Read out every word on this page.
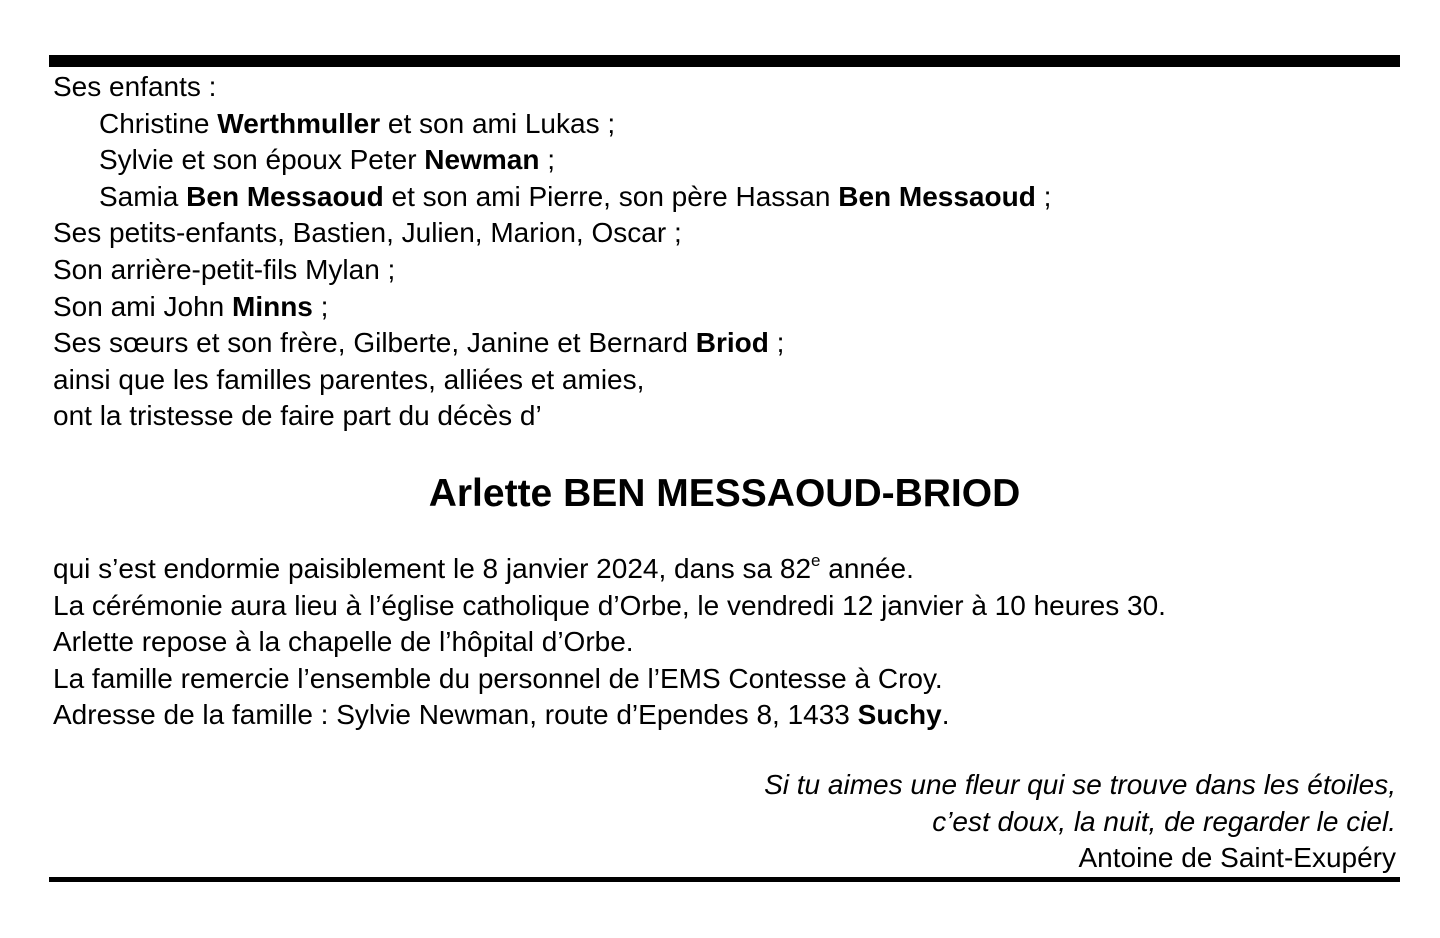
Ses enfants :
Christine Werthmuller et son ami Lukas ;
Sylvie et son époux Peter Newman ;
Samia Ben Messaoud et son ami Pierre, son père Hassan Ben Messaoud ;
Ses petits-enfants, Bastien, Julien, Marion, Oscar ;
Son arrière-petit-fils Mylan ;
Son ami John Minns ;
Ses sœurs et son frère, Gilberte, Janine et Bernard Briod ;
ainsi que les familles parentes, alliées et amies,
ont la tristesse de faire part du décès d’
Arlette BEN MESSAOUD-BRIOD
qui s’est endormie paisiblement le 8 janvier 2024, dans sa 82e année.
La cérémonie aura lieu à l’église catholique d’Orbe, le vendredi 12 janvier à 10 heures 30.
Arlette repose à la chapelle de l’hôpital d’Orbe.
La famille remercie l’ensemble du personnel de l’EMS Contesse à Croy.
Adresse de la famille : Sylvie Newman, route d’Ependes 8, 1433 Suchy.
Si tu aimes une fleur qui se trouve dans les étoiles,
c’est doux, la nuit, de regarder le ciel.
Antoine de Saint-Exupéry
